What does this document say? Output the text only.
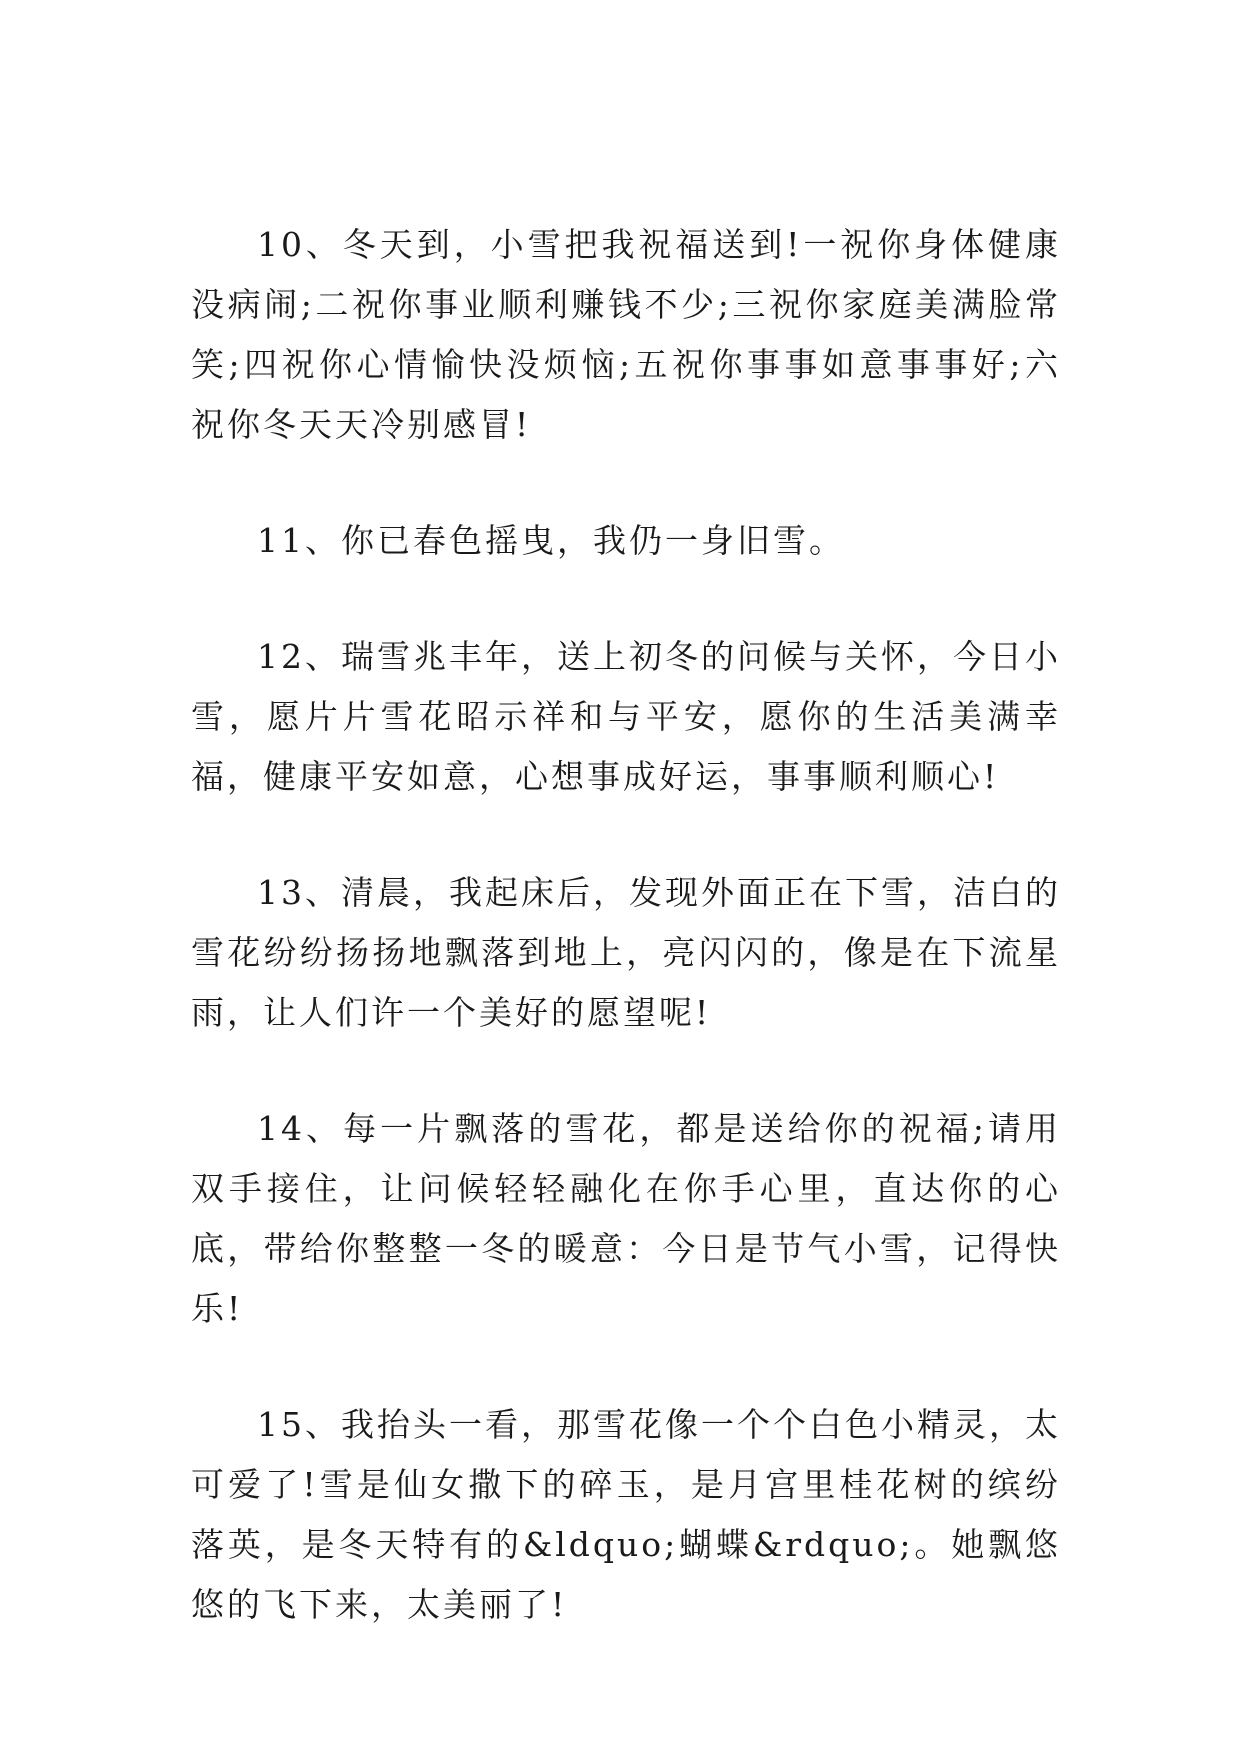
10、冬天到，小雪把我祝福送到!一祝你身体健康没病闹;二祝你事业顺利赚钱不少;三祝你家庭美满脸常笑;四祝你心情愉快没烦恼;五祝你事事如意事事好;六祝你冬天天冷别感冒!

11、你已春色摇曳，我仍一身旧雪。

12、瑞雪兆丰年，送上初冬的问候与关怀，今日小雪，愿片片雪花昭示祥和与平安，愿你的生活美满幸福，健康平安如意，心想事成好运，事事顺利顺心!

13、清晨，我起床后，发现外面正在下雪，洁白的雪花纷纷扬扬地飘落到地上，亮闪闪的，像是在下流星雨，让人们许一个美好的愿望呢!

14、每一片飘落的雪花，都是送给你的祝福;请用双手接住，让问候轻轻融化在你手心里，直达你的心底，带给你整整一冬的暖意：今日是节气小雪，记得快乐!

15、我抬头一看，那雪花像一个个白色小精灵，太可爱了!雪是仙女撒下的碎玉，是月宫里桂花树的缤纷落英，是冬天特有的&ldquo;蝴蝶&rdquo;。她飘悠悠的飞下来，太美丽了!
